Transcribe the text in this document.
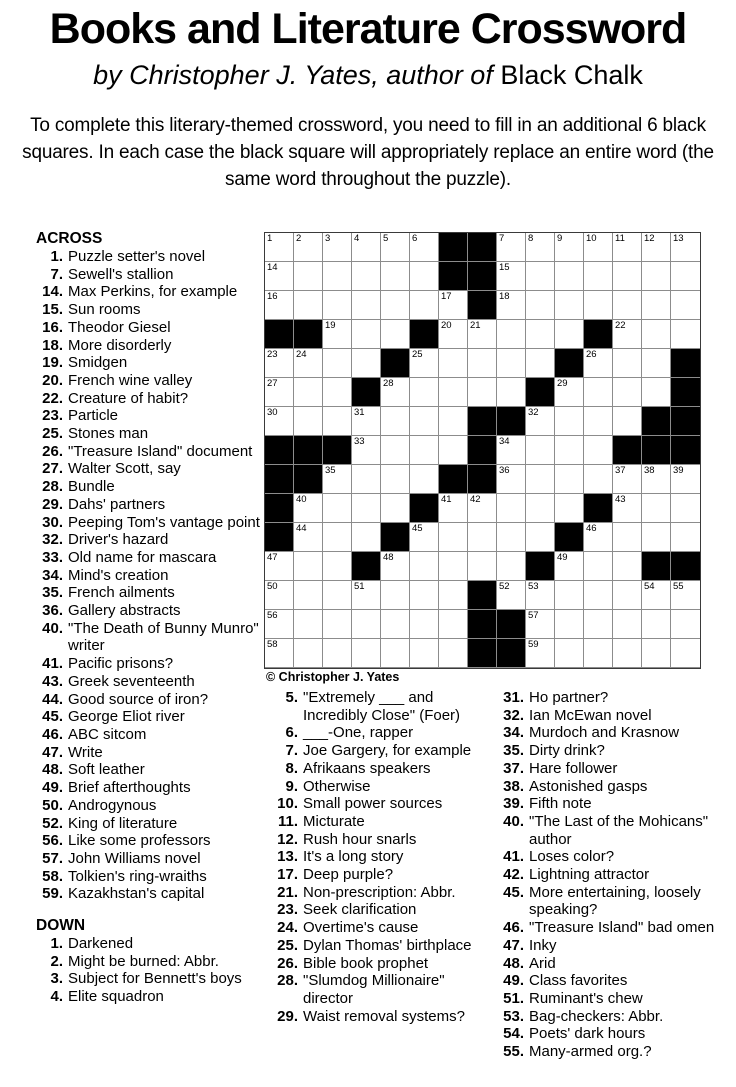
Books and Literature Crossword
by Christopher J. Yates, author of Black Chalk

To complete this literary-themed crossword, you need to fill in an additional 6 black squares. In each case the black square will appropriately replace an entire word (the same word throughout the puzzle).

ACROSS
1. Puzzle setter's novel
7. Sewell's stallion
14. Max Perkins, for example
15. Sun rooms
16. Theodor Giesel
18. More disorderly
19. Smidgen
20. French wine valley
22. Creature of habit?
23. Particle
25. Stones man
26. "Treasure Island" document
27. Walter Scott, say
28. Bundle
29. Dahs' partners
30. Peeping Tom's vantage point
32. Driver's hazard
33. Old name for mascara
34. Mind's creation
35. French ailments
36. Gallery abstracts
40. "The Death of Bunny Munro" writer
41. Pacific prisons?
43. Greek seventeenth
44. Good source of iron?
45. George Eliot river
46. ABC sitcom
47. Write
48. Soft leather
49. Brief afterthoughts
50. Androgynous
52. King of literature
56. Like some professors
57. John Williams novel
58. Tolkien's ring-wraiths
59. Kazakhstan's capital
DOWN
1. Darkened
2. Might be burned: Abbr.
3. Subject for Bennett's boys
4. Elite squadron
1 2 3 4 5 6	7 8 9 10 11 12 13
14	15
16	17	18
19	20 21	22
23 24	25	26
27	28	29
30	31	32
33	34
35	36	37 38 39
40	41 42	43
44	45	46
47	48	49
50	51	52 53	54 55
56	57
58	59
© Christopher J. Yates
5. "Extremely ___ and Incredibly Close" (Foer)
6. ___-One, rapper
7. Joe Gargery, for example
8. Afrikaans speakers
9. Otherwise
10. Small power sources
11. Micturate
12. Rush hour snarls
13. It's a long story
17. Deep purple?
21. Non-prescription: Abbr.
23. Seek clarification
24. Overtime's cause
25. Dylan Thomas' birthplace
26. Bible book prophet
28. "Slumdog Millionaire" director
29. Waist removal systems?
31. Ho partner?
32. Ian McEwan novel
34. Murdoch and Krasnow
35. Dirty drink?
37. Hare follower
38. Astonished gasps
39. Fifth note
40. "The Last of the Mohicans" author
41. Loses color?
42. Lightning attractor
45. More entertaining, loosely speaking?
46. "Treasure Island" bad omen
47. Inky
48. Arid
49. Class favorites
51. Ruminant's chew
53. Bag-checkers: Abbr.
54. Poets' dark hours
55. Many-armed org.?
